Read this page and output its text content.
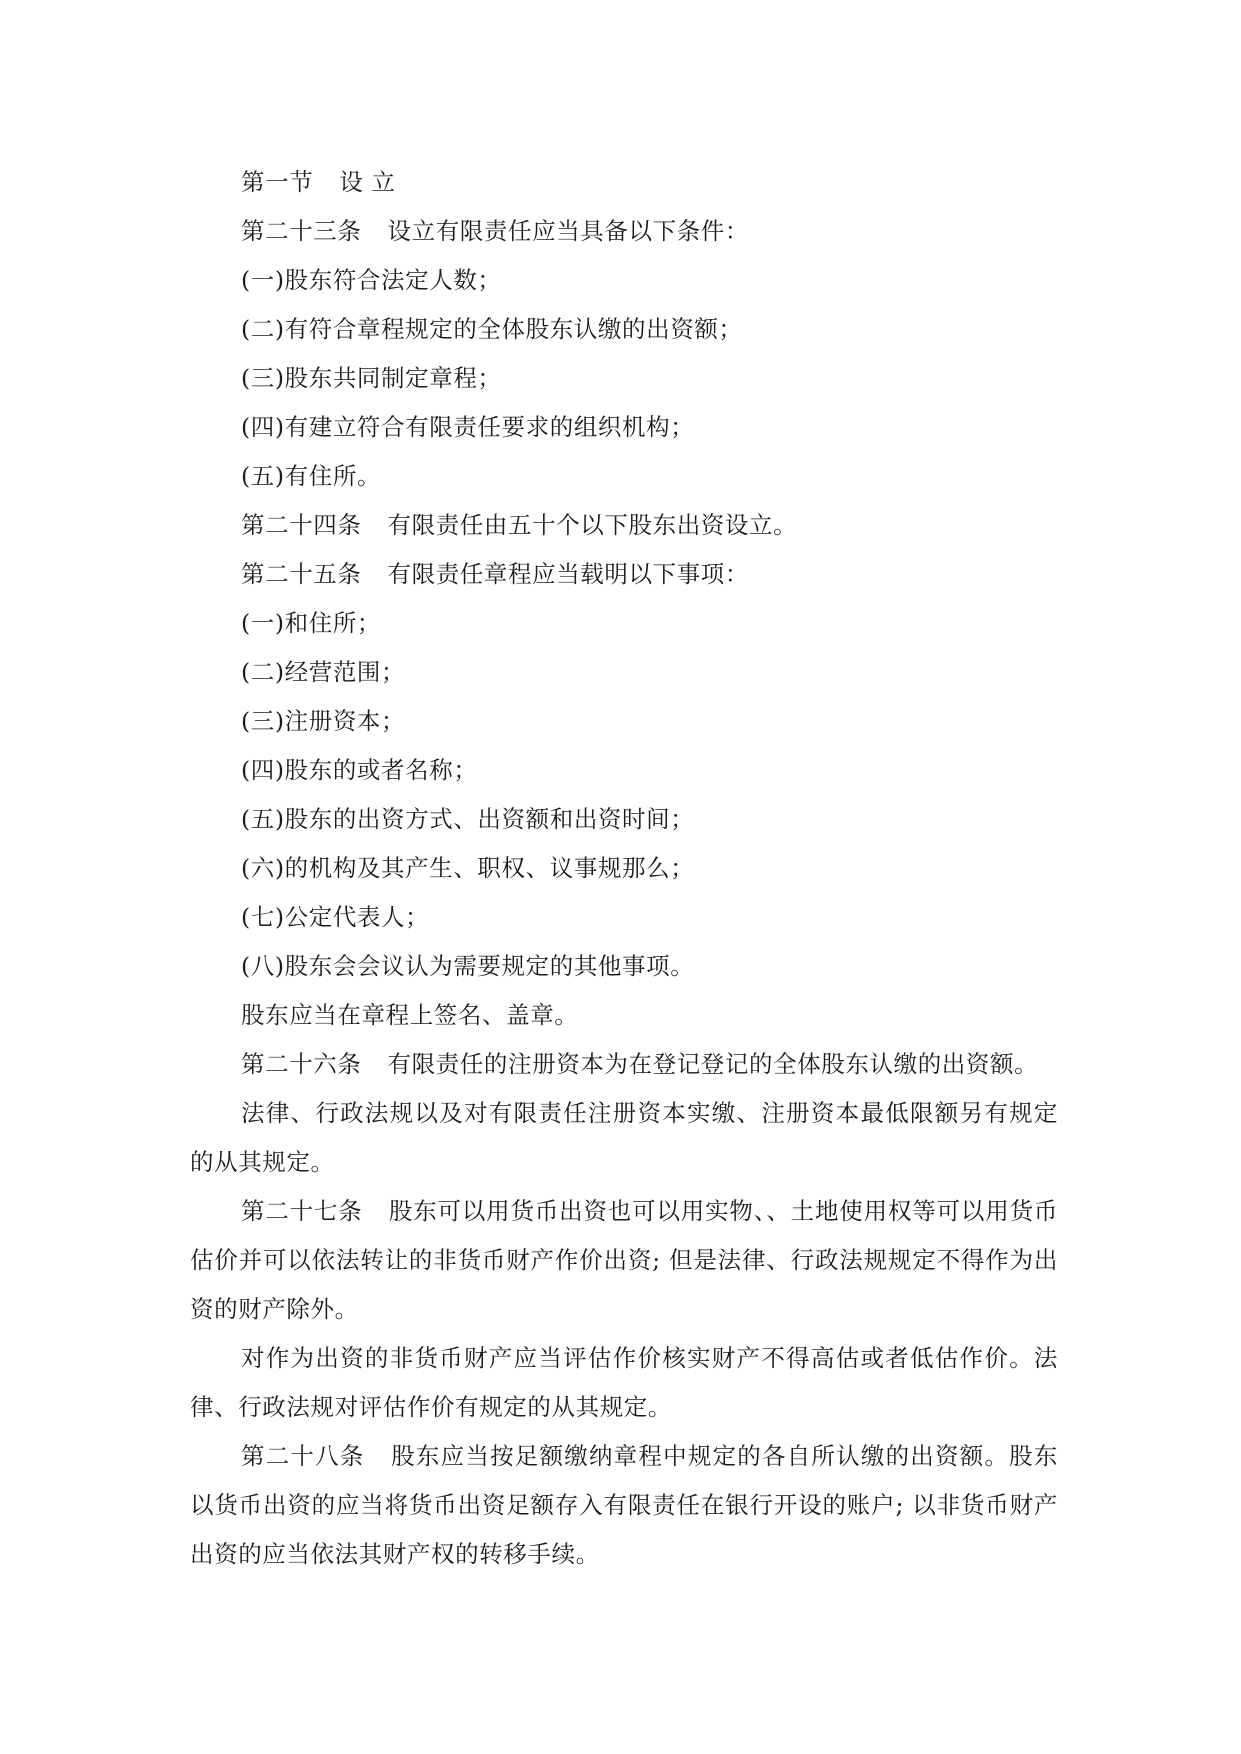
第一节 设 立
第二十三条 设立有限责任应当具备以下条件：
(一)股东符合法定人数；
(二)有符合章程规定的全体股东认缴的出资额；
(三)股东共同制定章程；
(四)有建立符合有限责任要求的组织机构；
(五)有住所。
第二十四条 有限责任由五十个以下股东出资设立。
第二十五条 有限责任章程应当载明以下事项：
(一)和住所；
(二)经营范围；
(三)注册资本；
(四)股东的或者名称；
(五)股东的出资方式、出资额和出资时间；
(六)的机构及其产生、职权、议事规那么；
(七)公定代表人；
(八)股东会会议认为需要规定的其他事项。
股东应当在章程上签名、盖章。
第二十六条 有限责任的注册资本为在登记登记的全体股东认缴的出资额。

法律、行政法规以及对有限责任注册资本实缴、注册资本最低限额另有规定的从其规定。

第二十七条 股东可以用货币出资也可以用实物、、土地使用权等可以用货币估价并可以依法转让的非货币财产作价出资; 但是法律、行政法规规定不得作为出资的财产除外。

对作为出资的非货币财产应当评估作价核实财产不得高估或者低估作价。法律、行政法规对评估作价有规定的从其规定。

第二十八条 股东应当按足额缴纳章程中规定的各自所认缴的出资额。股东以货币出资的应当将货币出资足额存入有限责任在银行开设的账户; 以非货币财产出资的应当依法其财产权的转移手续。
